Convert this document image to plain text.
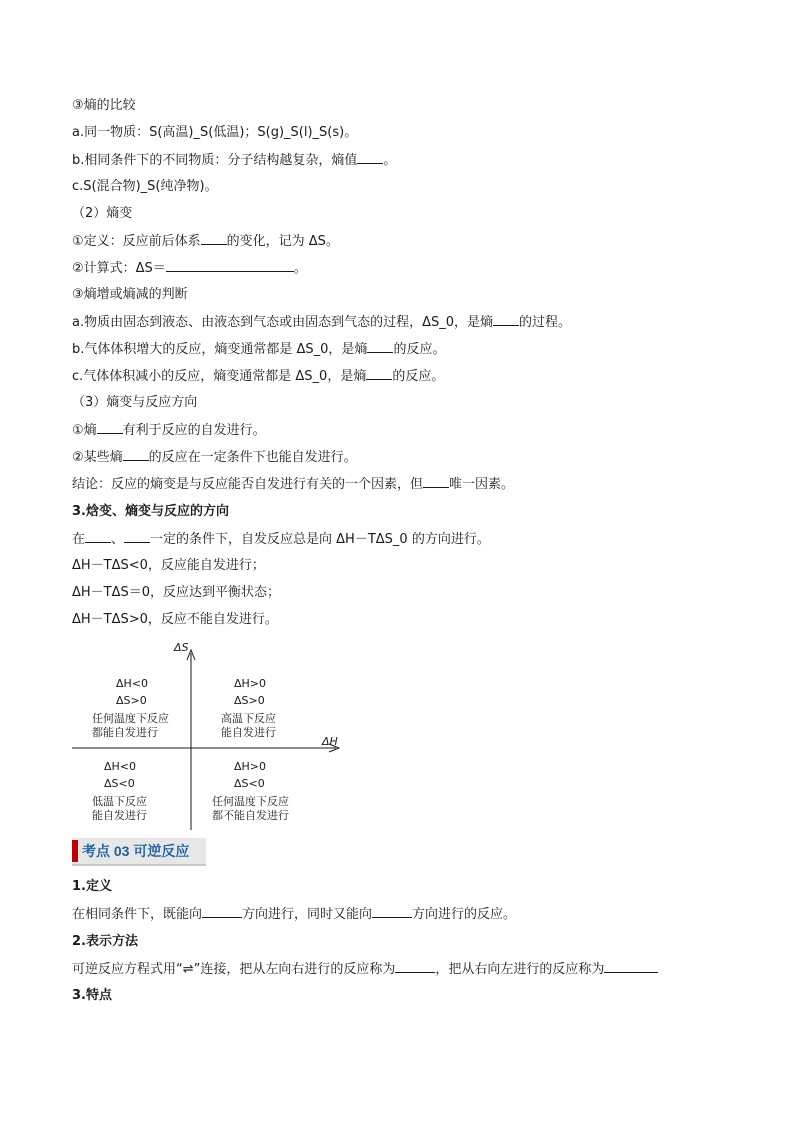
③熵的比较
a.同一物质：S(高温)_S(低温)；S(g)_S(l)_S(s)。
b.相同条件下的不同物质：分子结构越复杂，熵值 。
c.S(混合物)_S(纯净物)。
（2）熵变
①定义：反应前后体系 的变化，记为 ΔS。
②计算式：ΔS＝	。
③熵增或熵减的判断
a.物质由固态到液态、由液态到气态或由固态到气态的过程，ΔS_0，是熵 的过程。
b.气体体积增大的反应，熵变通常都是 ΔS_0，是熵 的反应。
c.气体体积减小的反应，熵变通常都是 ΔS_0，是熵 的反应。
（3）熵变与反应方向
①熵 有利于反应的自发进行。
②某些熵 的反应在一定条件下也能自发进行。
结论：反应的熵变是与反应能否自发进行有关的一个因素，但 唯一因素。
3.焓变、熵变与反应的方向
在 、 一定的条件下，自发反应总是向 ΔH－TΔS_0 的方向进行。
ΔH－TΔS<0，反应能自发进行；
ΔH－TΔS＝0，反应达到平衡状态；
ΔH－TΔS>0，反应不能自发进行。
ΔS
ΔH
ΔH<0
ΔS>0
任何温度下反应
都能自发进行
ΔH>0
ΔS>0
高温下反应
能自发进行
ΔH<0
ΔS<0
低温下反应
能自发进行
ΔH>0
ΔS<0
任何温度下反应
都不能自发进行
考点 03 可逆反应
1.定义
在相同条件下，既能向	方向进行，同时又能向	方向进行的反应。
2.表示方法
可逆反应方程式用“⇌”连接，把从左向右进行的反应称为	，把从右向左进行的反应称为
3.特点
